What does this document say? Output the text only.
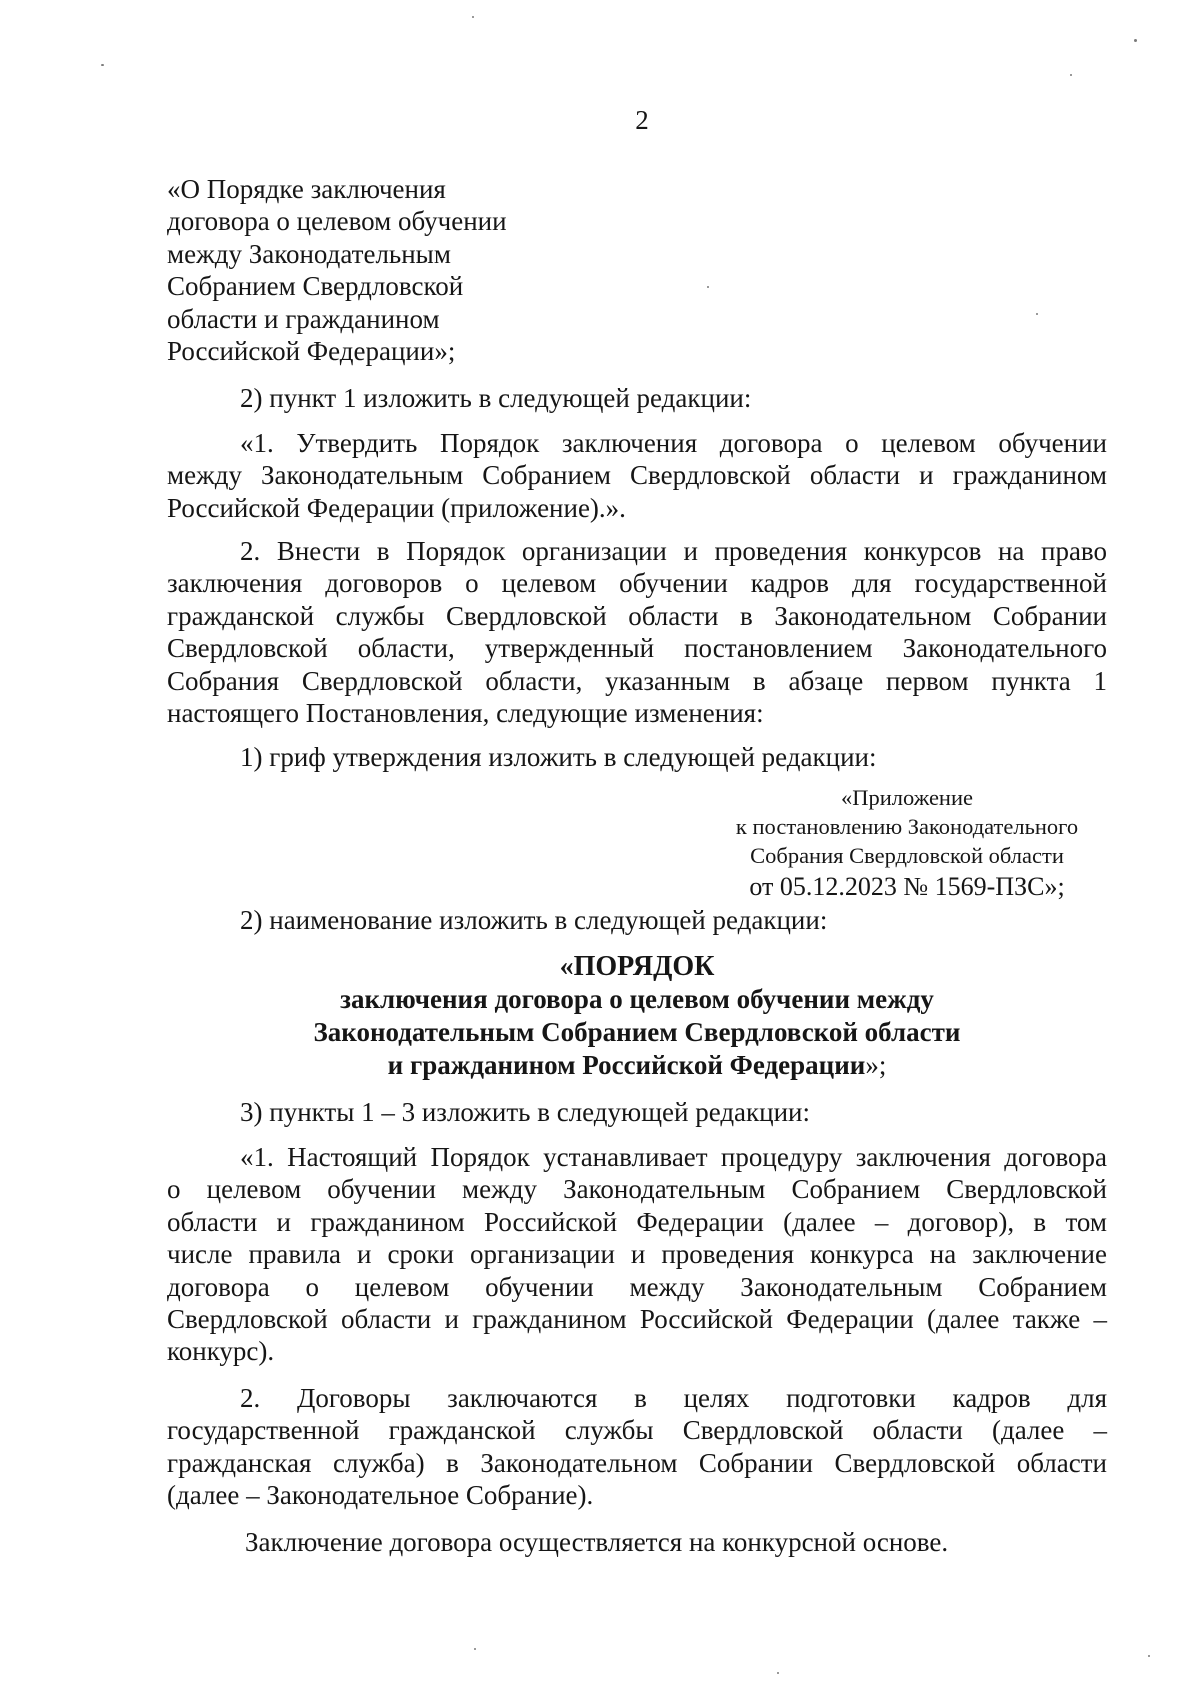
2
«О Порядке заключения
договора о целевом обучении
между Законодательным
Собранием Свердловской
области и гражданином
Российской Федерации»;
2) пункт 1 изложить в следующей редакции:
«1. Утвердить Порядок заключения договора о целевом обучении
между Законодательным Собранием Свердловской области и гражданином
Российской Федерации (приложение).».
2. Внести в Порядок организации и проведения конкурсов на право
заключения договоров о целевом обучении кадров для государственной
гражданской службы Свердловской области в Законодательном Собрании
Свердловской области, утвержденный постановлением Законодательного
Собрания Свердловской области, указанным в абзаце первом пункта 1
настоящего Постановления, следующие изменения:
1) гриф утверждения изложить в следующей редакции:
«Приложение
к постановлению Законодательного
Собрания Свердловской области
от 05.12.2023 № 1569-ПЗС»;
2) наименование изложить в следующей редакции:
«ПОРЯДОК
заключения договора о целевом обучении между
Законодательным Собранием Свердловской области
и гражданином Российской Федерации»;
3) пункты 1 – 3 изложить в следующей редакции:
«1. Настоящий Порядок устанавливает процедуру заключения договора
о целевом обучении между Законодательным Собранием Свердловской
области и гражданином Российской Федерации (далее – договор), в том
числе правила и сроки организации и проведения конкурса на заключение
договора о целевом обучении между Законодательным Собранием
Свердловской области и гражданином Российской Федерации (далее также –
конкурс).
2. Договоры заключаются в целях подготовки кадров для
государственной гражданской службы Свердловской области (далее –
гражданская служба) в Законодательном Собрании Свердловской области
(далее – Законодательное Собрание).
Заключение договора осуществляется на конкурсной основе.
